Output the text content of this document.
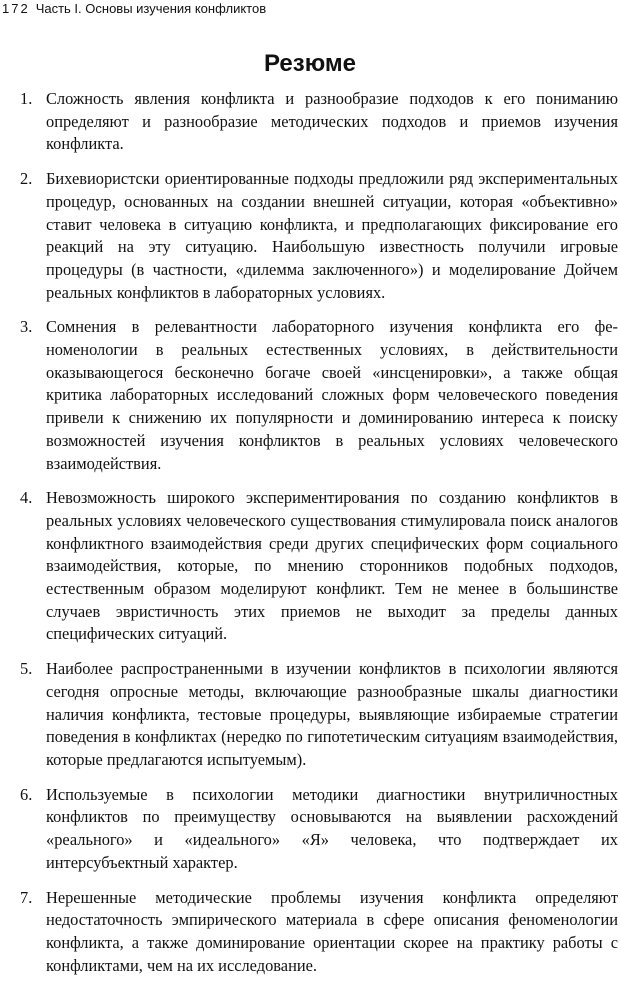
172 Часть I. Основы изучения конфликтов
Резюме
1. Сложность явления конфликта и разнообразие подходов к его пониманию определяют и разнообразие методических подходов и приемов изучения конфликта.
2. Бихевиористски ориентированные подходы предложили ряд экспериментальных процедур, основанных на создании внешней ситуации, которая «объективно» ставит человека в ситуацию конфликта, и предполагающих фиксирование его реакций на эту ситуацию. Наибольшую известность получили игровые процедуры (в частности, «дилемма заключенного») и моделирование Дойчем реальных конфликтов в лабораторных условиях.
3. Сомнения в релевантности лабораторного изучения конфликта его феноменологии в реальных естественных условиях, в действительности оказывающегося бесконечно богаче своей «инсценировки», а также общая критика лабораторных исследований сложных форм человеческого поведения привели к снижению их популярности и доминированию интереса к поиску возможностей изучения конфликтов в реальных условиях человеческого взаимодействия.
4. Невозможность широкого экспериментирования по созданию конфликтов в реальных условиях человеческого существования стимулировала поиск аналогов конфликтного взаимодействия среди других специфических форм социального взаимодействия, которые, по мнению сторонников подобных подходов, естественным образом моделируют конфликт. Тем не менее в большинстве случаев эвристичность этих приемов не выходит за пределы данных специфических ситуаций.
5. Наиболее распространенными в изучении конфликтов в психологии являются сегодня опросные методы, включающие разнообразные шкалы диагностики наличия конфликта, тестовые процедуры, выявляющие избираемые стратегии поведения в конфликтах (нередко по гипотетическим ситуациям взаимодействия, которые предлагаются испытуемым).
6. Используемые в психологии методики диагностики внутриличностных конфликтов по преимуществу основываются на выявлении расхождений «реального» и «идеального» «Я» человека, что подтверждает их интерсубъектный характер.
7. Нерешенные методические проблемы изучения конфликта определяют недостаточность эмпирического материала в сфере описания феноменологии конфликта, а также доминирование ориентации скорее на практику работы с конфликтами, чем на их исследование.
